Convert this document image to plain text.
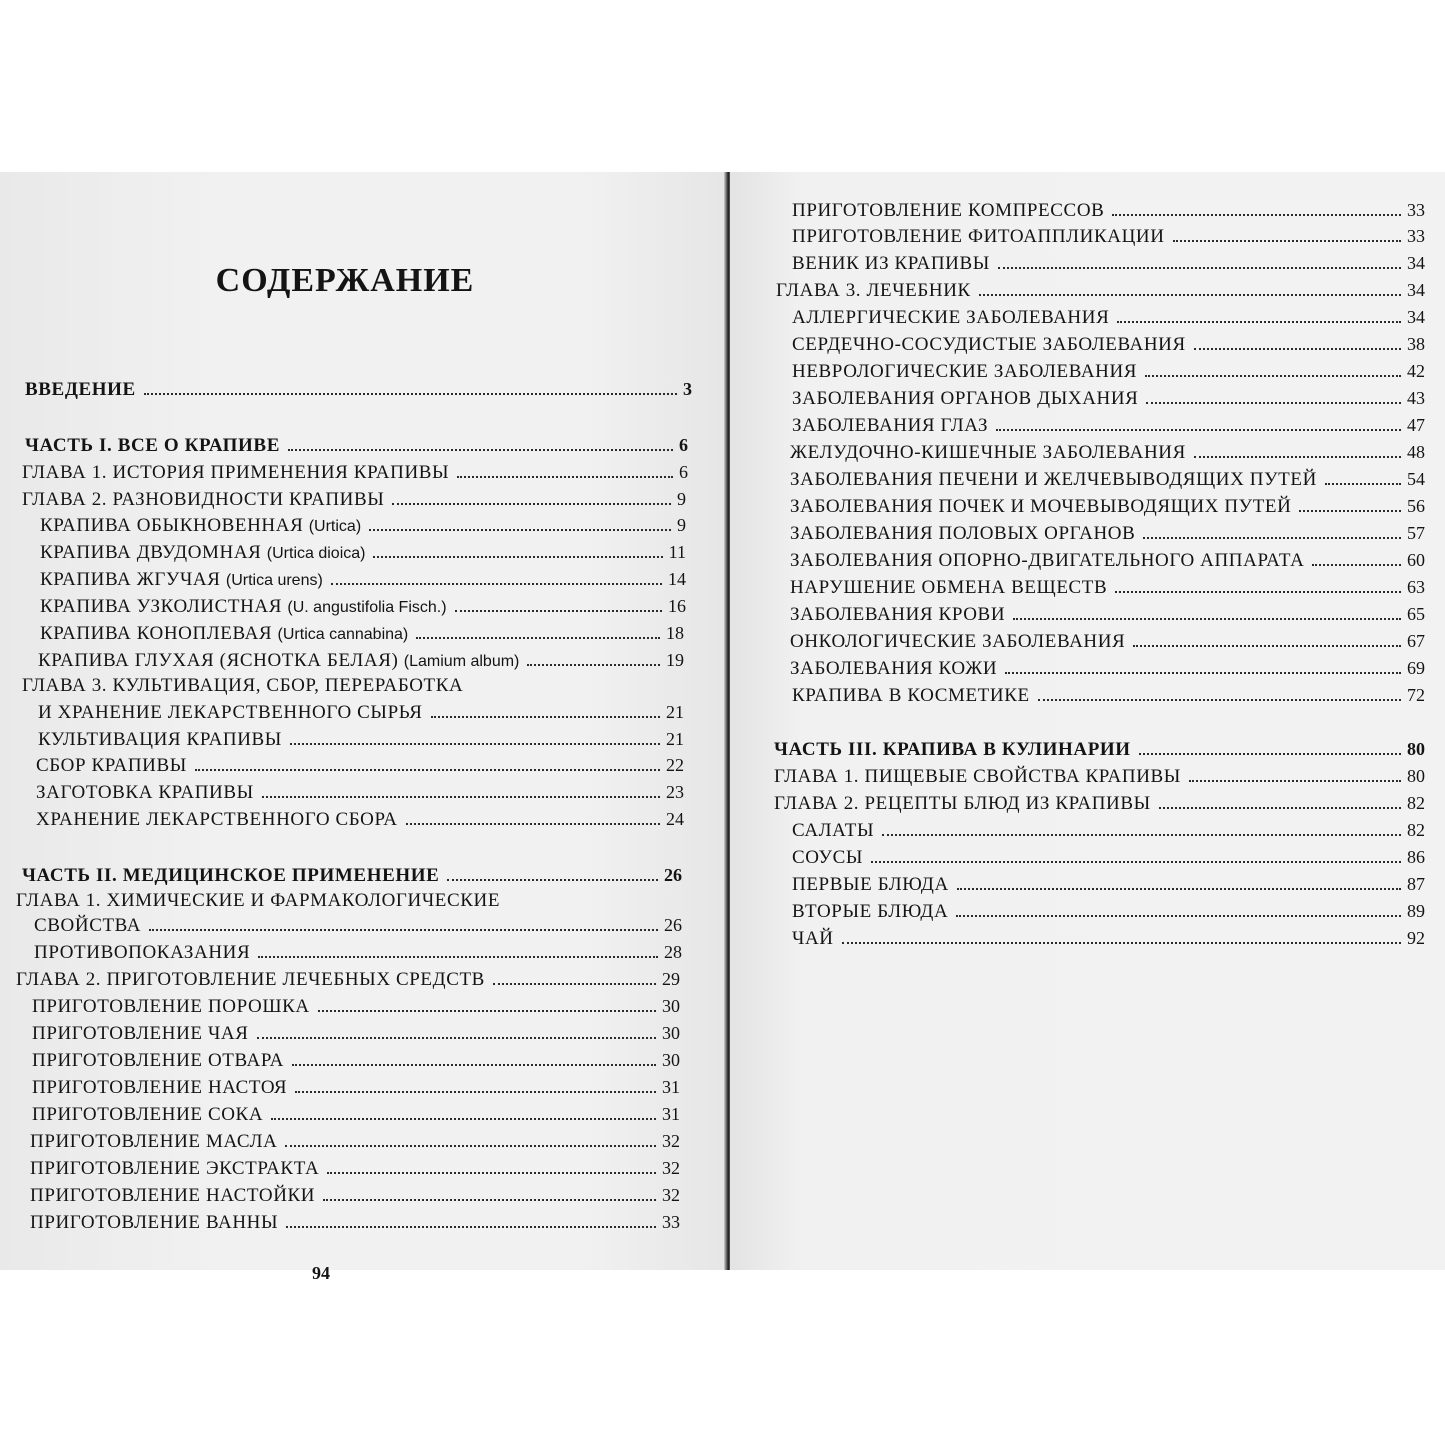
СОДЕРЖАНИЕ
ВВЕДЕНИЕ	3
ЧАСТЬ I. ВСЕ О КРАПИВЕ	6
ГЛАВА 1. ИСТОРИЯ ПРИМЕНЕНИЯ КРАПИВЫ	6
ГЛАВА 2. РАЗНОВИДНОСТИ КРАПИВЫ	9
КРАПИВА ОБЫКНОВЕННАЯ (Urtica)	9
КРАПИВА ДВУДОМНАЯ (Urtica dioica)	11
КРАПИВА ЖГУЧАЯ (Urtica urens)	14
КРАПИВА УЗКОЛИСТНАЯ (U. angustifolia Fisch.)	16
КРАПИВА КОНОПЛЕВАЯ (Urtica cannabina)	18
КРАПИВА ГЛУХАЯ (ЯСНОТКА БЕЛАЯ) (Lamium album)	19
ГЛАВА 3. КУЛЬТИВАЦИЯ, СБОР, ПЕРЕРАБОТКА
И ХРАНЕНИЕ ЛЕКАРСТВЕННОГО СЫРЬЯ	21
КУЛЬТИВАЦИЯ КРАПИВЫ	21
СБОР КРАПИВЫ	22
ЗАГОТОВКА КРАПИВЫ	23
ХРАНЕНИЕ ЛЕКАРСТВЕННОГО СБОРА	24
ЧАСТЬ II. МЕДИЦИНСКОЕ ПРИМЕНЕНИЕ	26
ГЛАВА 1. ХИМИЧЕСКИЕ И ФАРМАКОЛОГИЧЕСКИЕ
СВОЙСТВА	26
ПРОТИВОПОКАЗАНИЯ	28
ГЛАВА 2. ПРИГОТОВЛЕНИЕ ЛЕЧЕБНЫХ СРЕДСТВ	29
ПРИГОТОВЛЕНИЕ ПОРОШКА	30
ПРИГОТОВЛЕНИЕ ЧАЯ	30
ПРИГОТОВЛЕНИЕ ОТВАРА	30
ПРИГОТОВЛЕНИЕ НАСТОЯ	31
ПРИГОТОВЛЕНИЕ СОКА	31
ПРИГОТОВЛЕНИЕ МАСЛА	32
ПРИГОТОВЛЕНИЕ ЭКСТРАКТА	32
ПРИГОТОВЛЕНИЕ НАСТОЙКИ	32
ПРИГОТОВЛЕНИЕ ВАННЫ	33
94
ПРИГОТОВЛЕНИЕ КОМПРЕССОВ	33
ПРИГОТОВЛЕНИЕ ФИТОАППЛИКАЦИИ	33
ВЕНИК ИЗ КРАПИВЫ	34
ГЛАВА 3. ЛЕЧЕБНИК	34
АЛЛЕРГИЧЕСКИЕ ЗАБОЛЕВАНИЯ	34
СЕРДЕЧНО-СОСУДИСТЫЕ ЗАБОЛЕВАНИЯ	38
НЕВРОЛОГИЧЕСКИЕ ЗАБОЛЕВАНИЯ	42
ЗАБОЛЕВАНИЯ ОРГАНОВ ДЫХАНИЯ	43
ЗАБОЛЕВАНИЯ ГЛАЗ	47
ЖЕЛУДОЧНО-КИШЕЧНЫЕ ЗАБОЛЕВАНИЯ	48
ЗАБОЛЕВАНИЯ ПЕЧЕНИ И ЖЕЛЧЕВЫВОДЯЩИХ ПУТЕЙ	54
ЗАБОЛЕВАНИЯ ПОЧЕК И МОЧЕВЫВОДЯЩИХ ПУТЕЙ	56
ЗАБОЛЕВАНИЯ ПОЛОВЫХ ОРГАНОВ	57
ЗАБОЛЕВАНИЯ ОПОРНО-ДВИГАТЕЛЬНОГО АППАРАТА	60
НАРУШЕНИЕ ОБМЕНА ВЕЩЕСТВ	63
ЗАБОЛЕВАНИЯ КРОВИ	65
ОНКОЛОГИЧЕСКИЕ ЗАБОЛЕВАНИЯ	67
ЗАБОЛЕВАНИЯ КОЖИ	69
КРАПИВА В КОСМЕТИКЕ	72
ЧАСТЬ III. КРАПИВА В КУЛИНАРИИ	80
ГЛАВА 1. ПИЩЕВЫЕ СВОЙСТВА КРАПИВЫ	80
ГЛАВА 2. РЕЦЕПТЫ БЛЮД ИЗ КРАПИВЫ	82
САЛАТЫ	82
СОУСЫ	86
ПЕРВЫЕ БЛЮДА	87
ВТОРЫЕ БЛЮДА	89
ЧАЙ	92
